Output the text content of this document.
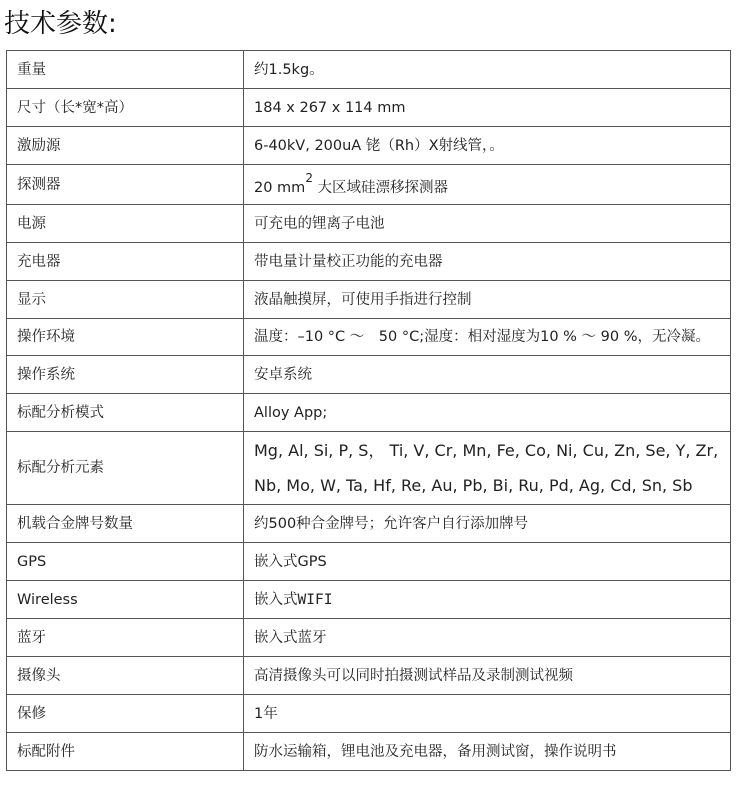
技术参数:
重量	约1.5kg。
尺寸（长*宽*高）	184 x 267 x 114 mm
激励源	6-40kV, 200uA 铑（Rh）X射线管，。
探测器	20 $mm^2$ 大区域硅漂移探测器
电源	可充电的锂离子电池
充电器	带电量计量校正功能的充电器
显示	液晶触摸屏，可使用手指进行控制
操作环境	温度：–10 °C ～　50 °C;湿度：相对湿度为10 % ～ 90 %，无冷凝。
操作系统	安卓系统
标配分析模式	Alloy App;
标配分析元素	Mg, Al, Si, P, S， Ti, V, Cr, Mn, Fe, Co, Ni, Cu, Zn, Se, Y, Zr, Nb, Mo, W, Ta, Hf, Re, Au, Pb, Bi, Ru, Pd, Ag, Cd, Sn, Sb
机载合金牌号数量	约500种合金牌号；允许客户自行添加牌号
GPS	嵌入式GPS
Wireless	嵌入式WIFI
蓝牙	嵌入式蓝牙
摄像头	高清摄像头可以同时拍摄测试样品及录制测试视频
保修	1年
标配附件	防水运输箱，锂电池及充电器，备用测试窗，操作说明书
